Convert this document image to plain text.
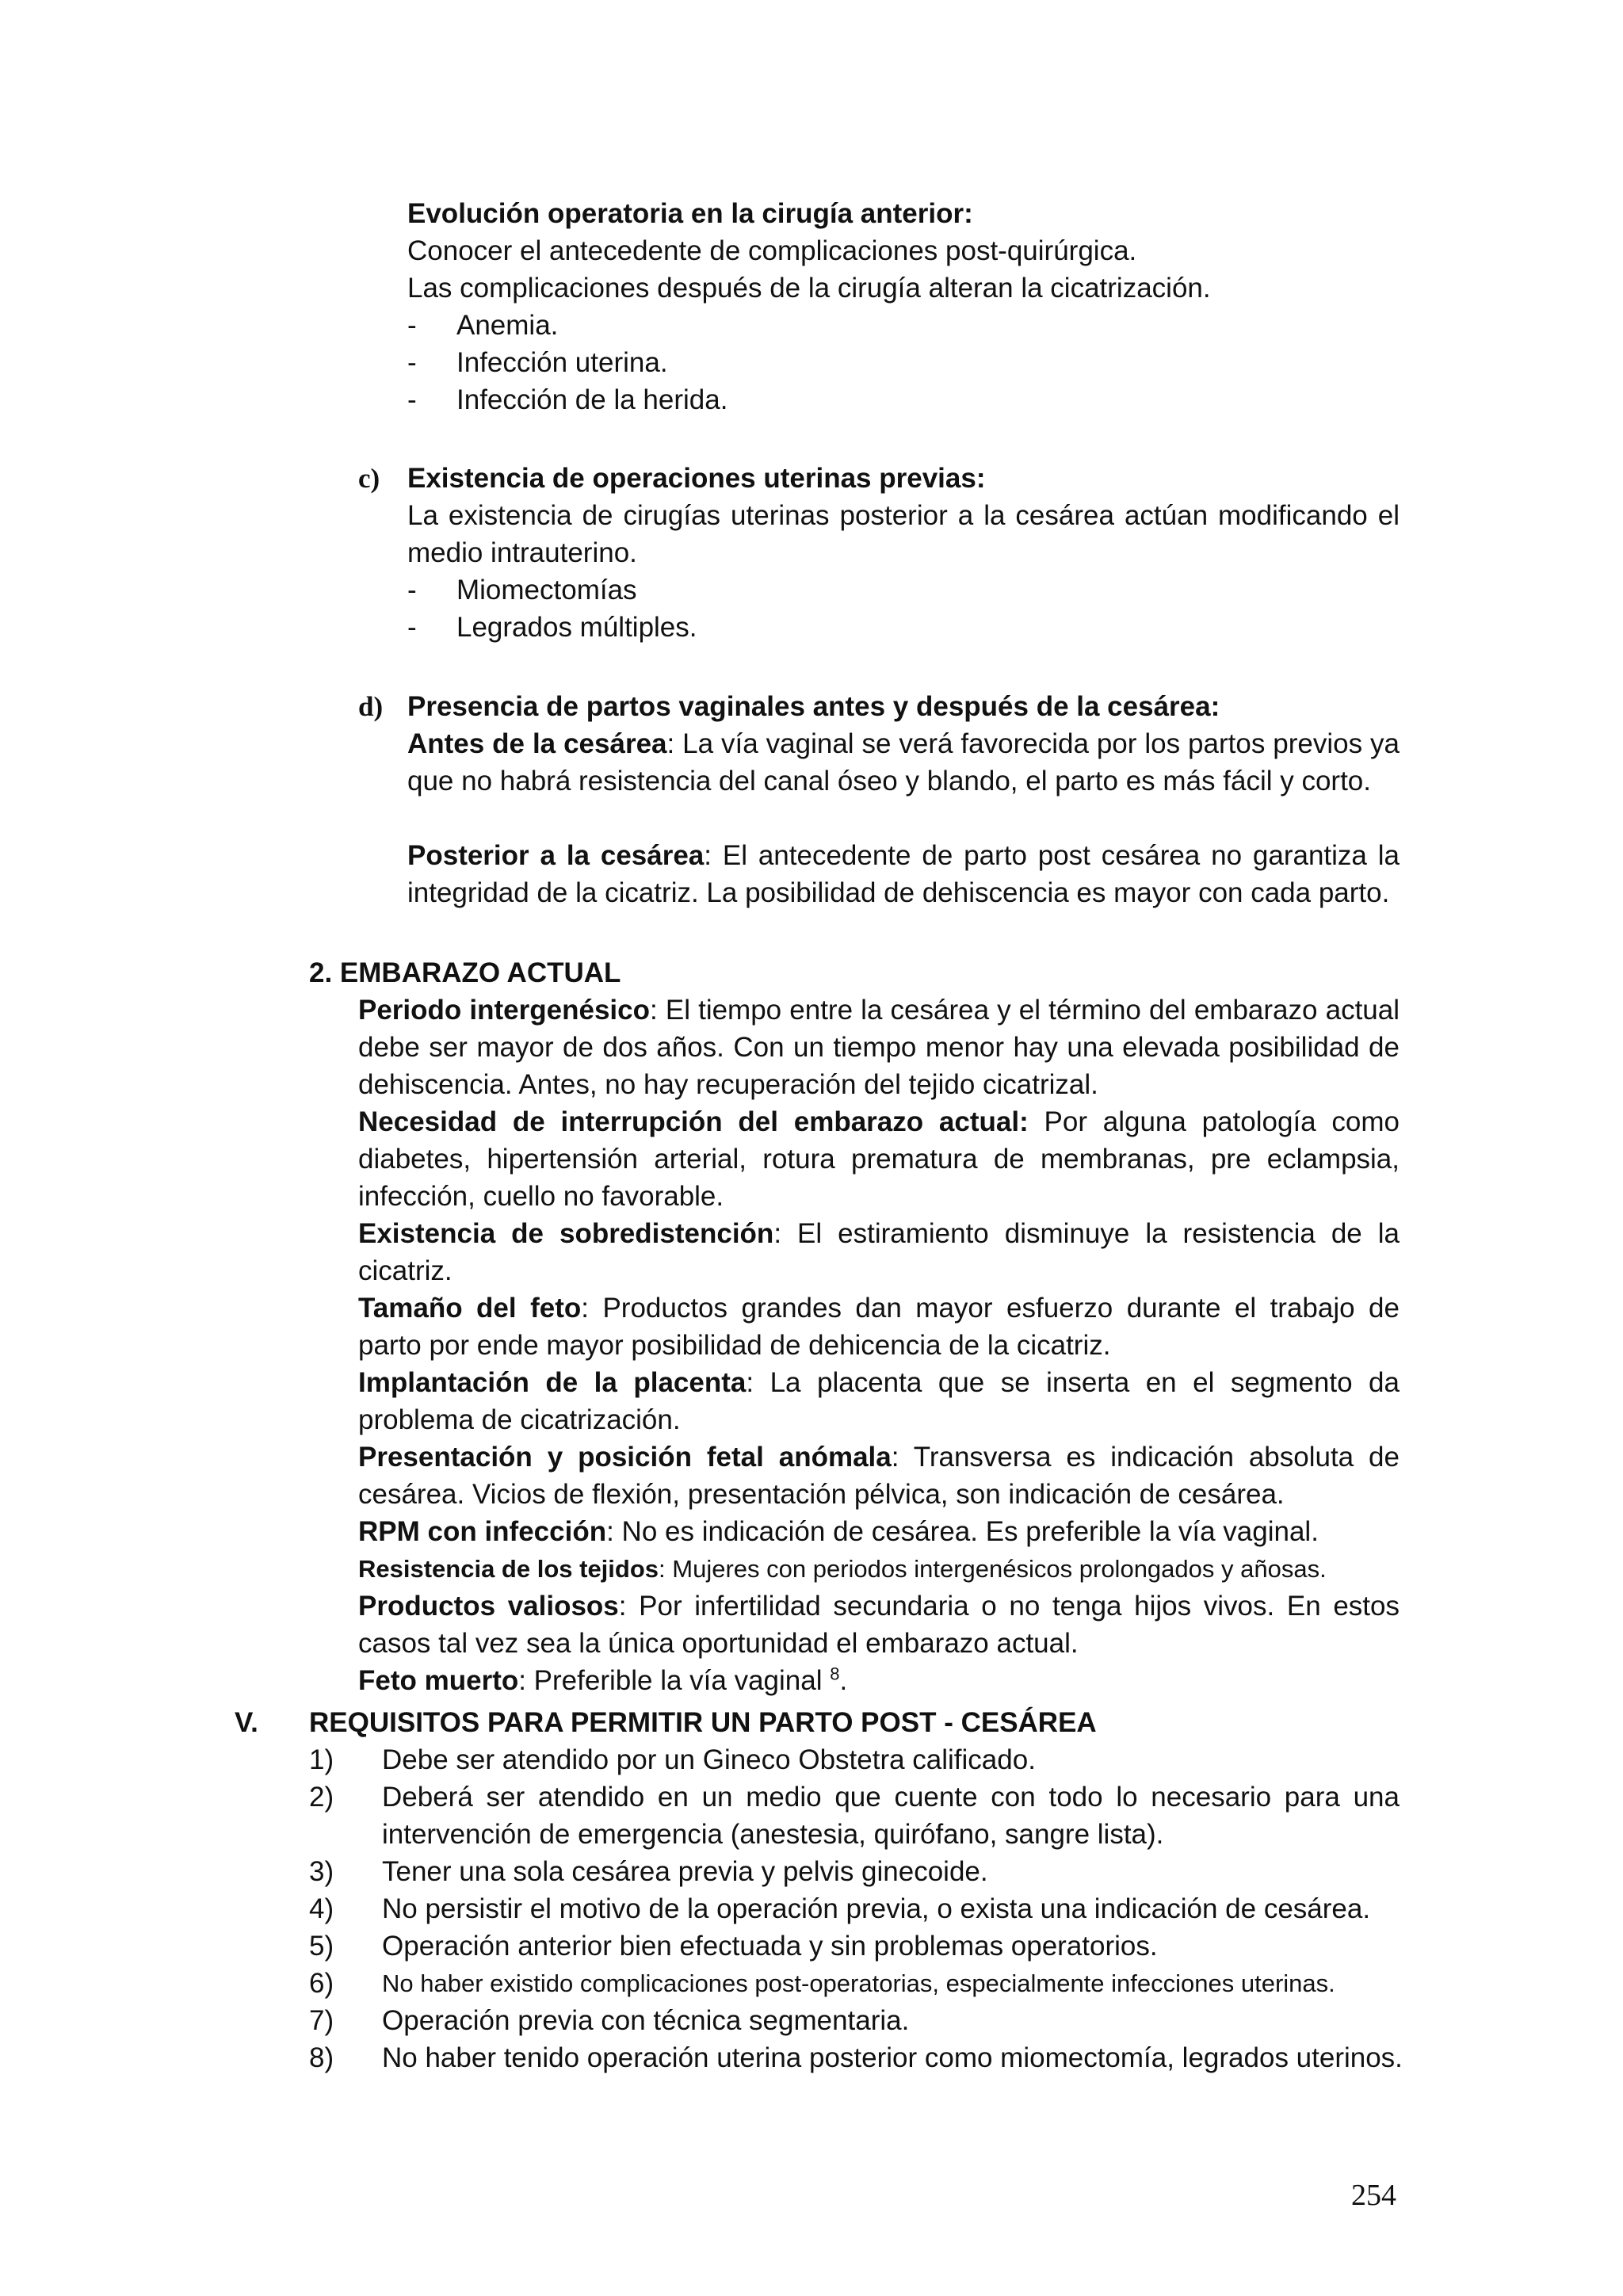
Evolución operatoria en la cirugía anterior:

Conocer el antecedente de complicaciones post-quirúrgica.

Las complicaciones después de la cirugía alteran la cicatrización.

- Anemia.

- Infección uterina.

- Infección de la herida.

c) Existencia de operaciones uterinas previas:

La existencia de cirugías uterinas posterior a la cesárea actúan modificando el medio intrauterino.

- Miomectomías

- Legrados múltiples.

d) Presencia de partos vaginales antes y después de la cesárea:

Antes de la cesárea: La vía vaginal se verá favorecida por los partos previos ya que no habrá resistencia del canal óseo y blando, el parto es más fácil y corto.

Posterior a la cesárea: El antecedente de parto post cesárea no garantiza la integridad de la cicatriz. La posibilidad de dehiscencia es mayor con cada parto.

2. EMBARAZO ACTUAL

Periodo intergenésico: El tiempo entre la cesárea y el término del embarazo actual debe ser mayor de dos años. Con un tiempo menor hay una elevada posibilidad de dehiscencia. Antes, no hay recuperación del tejido cicatrizal.

Necesidad de interrupción del embarazo actual: Por alguna patología como diabetes, hipertensión arterial, rotura prematura de membranas, pre eclampsia, infección, cuello no favorable.

Existencia de sobredistención: El estiramiento disminuye la resistencia de la cicatriz.

Tamaño del feto: Productos grandes dan mayor esfuerzo durante el trabajo de parto por ende mayor posibilidad de dehicencia de la cicatriz.

Implantación de la placenta: La placenta que se inserta en el segmento da problema de cicatrización.

Presentación y posición fetal anómala: Transversa es indicación absoluta de cesárea. Vicios de flexión, presentación pélvica, son indicación de cesárea.

RPM con infección: No es indicación de cesárea. Es preferible la vía vaginal.

Resistencia de los tejidos: Mujeres con periodos intergenésicos prolongados y añosas.

Productos valiosos: Por infertilidad secundaria o no tenga hijos vivos. En estos casos tal vez sea la única oportunidad el embarazo actual.

Feto muerto: Preferible la vía vaginal $^8$.

V. REQUISITOS PARA PERMITIR UN PARTO POST - CESÁREA

1)	Debe ser atendido por un Gineco Obstetra calificado.

2)	Deberá ser atendido en un medio que cuente con todo lo necesario para una intervención de emergencia (anestesia, quirófano, sangre lista).

3)	Tener una sola cesárea previa y pelvis ginecoide.

4)	No persistir el motivo de la operación previa, o exista una indicación de cesárea.

5)	Operación anterior bien efectuada y sin problemas operatorios.

6)	No haber existido complicaciones post-operatorias, especialmente infecciones uterinas.

7)	Operación previa con técnica segmentaria.

8)	No haber tenido operación uterina posterior como miomectomía, legrados uterinos.

254
